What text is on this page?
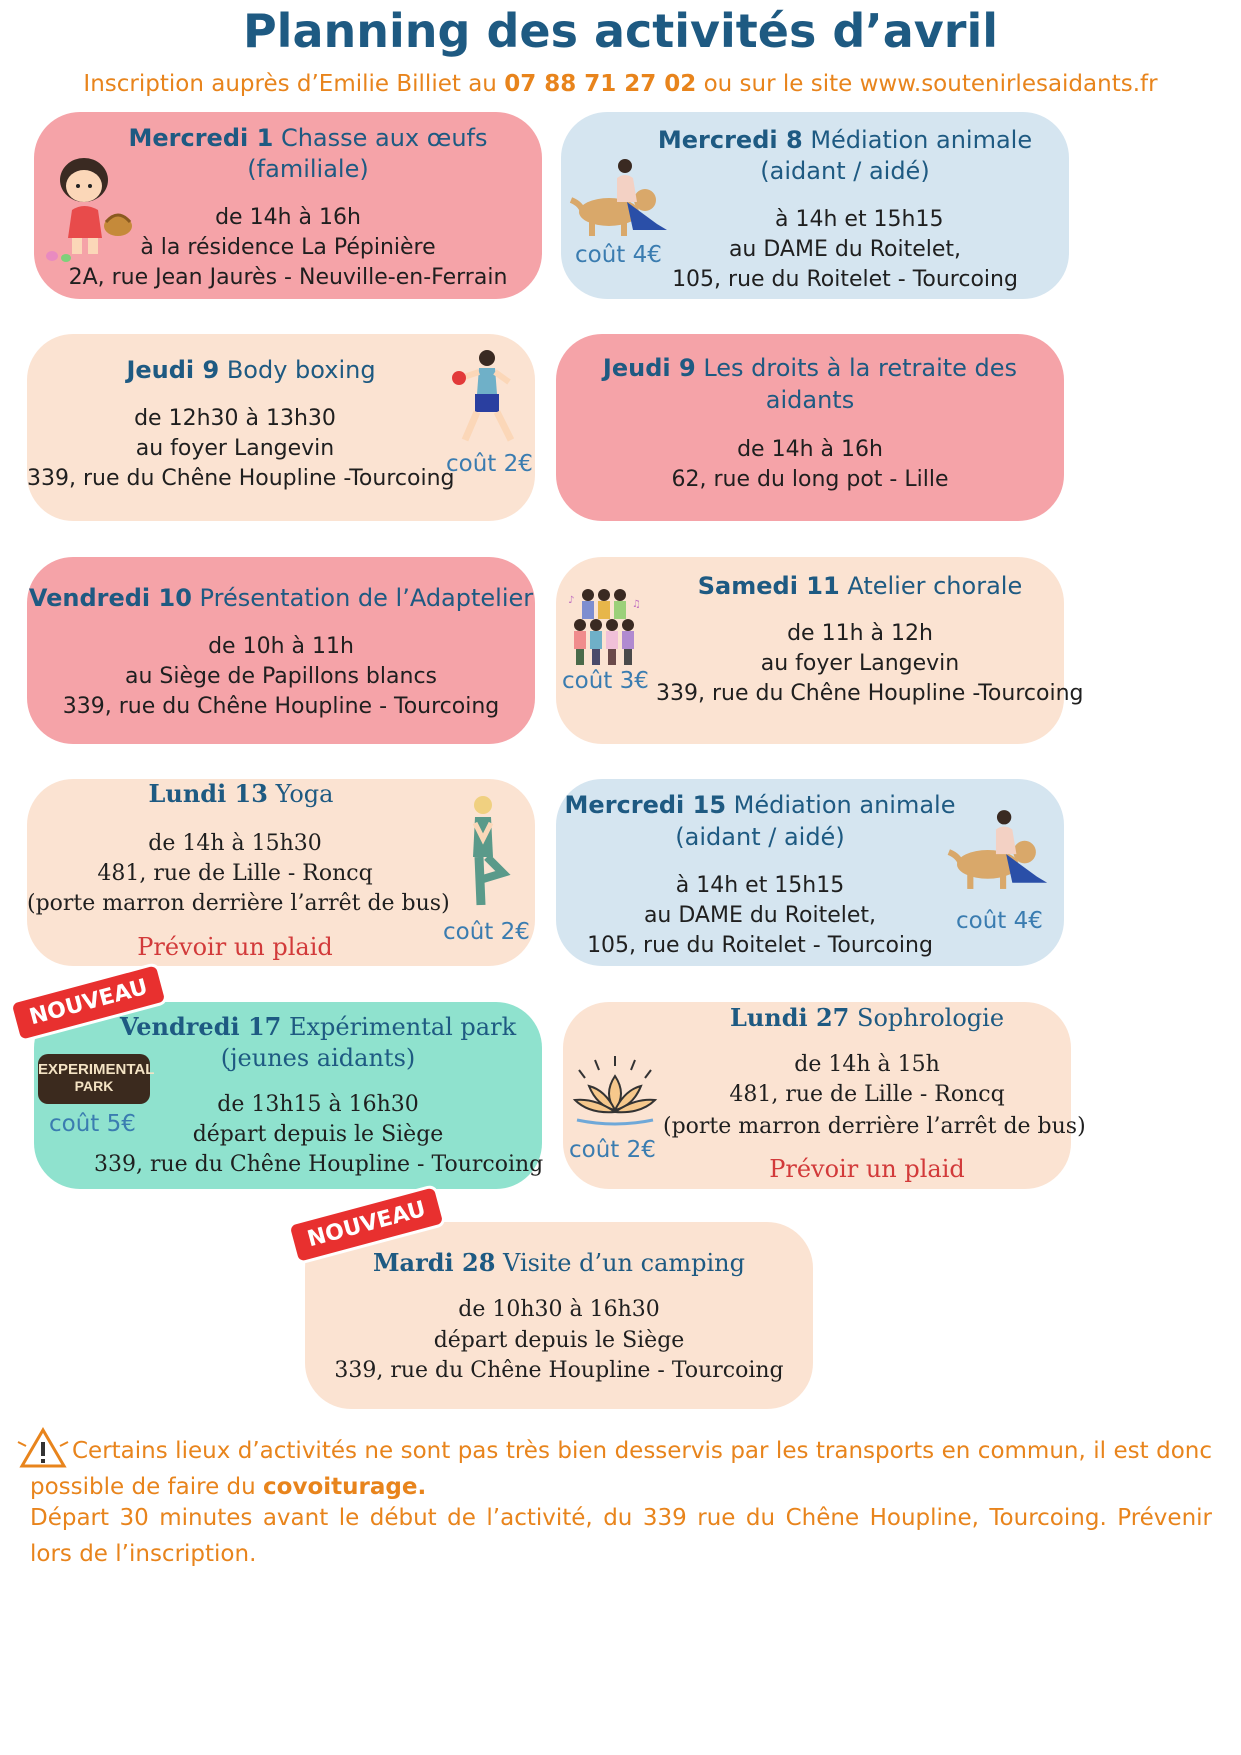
Planning des activités d’avril
Inscription auprès d’Emilie Billiet au 07 88 71 27 02 ou sur le site www.soutenirlesaidants.fr
Mercredi 1 Chasse aux œufs
(familiale)
de 14h à 16h
à la résidence La Pépinière
2A, rue Jean Jaurès - Neuville-en-Ferrain
Mercredi 8 Médiation animale
(aidant / aidé)
à 14h et 15h15
au DAME du Roitelet,
105, rue du Roitelet - Tourcoing
coût 4€
Jeudi 9 Body boxing
de 12h30 à 13h30
au foyer Langevin
339, rue du Chêne Houpline -Tourcoing
coût 2€
Jeudi 9 Les droits à la retraite des
aidants
de 14h à 16h
62, rue du long pot - Lille
Vendredi 10 Présentation de l’Adaptelier
de 10h à 11h
au Siège de Papillons blancs
339, rue du Chêne Houpline - Tourcoing
Samedi 11 Atelier chorale
de 11h à 12h
au foyer Langevin
339, rue du Chêne Houpline -Tourcoing
coût 3€
♪	♫
Lundi 13 Yoga
de 14h à 15h30
481, rue de Lille - Roncq
(porte marron derrière l’arrêt de bus)
Prévoir un plaid
coût 2€
Mercredi 15 Médiation animale
(aidant / aidé)
à 14h et 15h15
au DAME du Roitelet,
105, rue du Roitelet - Tourcoing
coût 4€
Vendredi 17 Expérimental park
(jeunes aidants)
de 13h15 à 16h30
départ depuis le Siège
339, rue du Chêne Houpline - Tourcoing
coût 5€
EXPERIMENTAL
PARK
Lundi 27 Sophrologie
de 14h à 15h
481, rue de Lille - Roncq
(porte marron derrière l’arrêt de bus)
Prévoir un plaid
coût 2€
Mardi 28 Visite d’un camping
de 10h30 à 16h30
départ depuis le Siège
339, rue du Chêne Houpline - Tourcoing
NOUVEAU
NOUVEAU
Certains lieux d’activités ne sont pas très bien desservis par les transports en commun, il est donc possible de faire du covoiturage.
Départ 30 minutes avant le début de l’activité, du 339 rue du Chêne Houpline, Tourcoing. Prévenir lors de l’inscription.
